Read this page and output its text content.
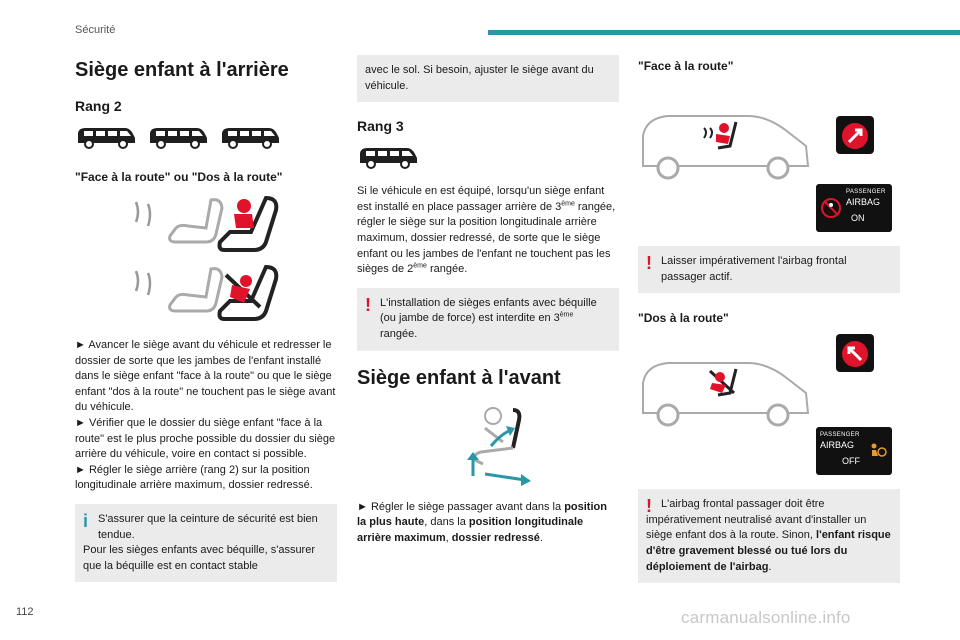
Sécurité
Siège enfant à l'arrière
Rang 2
"Face à la route" ou "Dos à la route"

► Avancer le siège avant du véhicule et redresser le dossier de sorte que les jambes de l'enfant installé dans le siège enfant "face à la route" ou que le siège enfant "dos à la route" ne touchent pas le siège avant du véhicule.

► Vérifier que le dossier du siège enfant "face à la route" est le plus proche possible du dossier du siège arrière du véhicule, voire en contact si possible.

► Régler le siège arrière (rang 2) sur la position longitudinale arrière maximum, dossier redressé.

i S'assurer que la ceinture de sécurité est bien tendue.
Pour les sièges enfants avec béquille, s'assurer que la béquille est en contact stable
avec le sol. Si besoin, ajuster le siège avant du véhicule.
Rang 3

Si le véhicule en est équipé, lorsqu'un siège enfant est installé en place passager arrière de 3ème rangée, régler le siège sur la position longitudinale arrière maximum, dossier redressé, de sorte que le siège enfant ou les jambes de l'enfant ne touchent pas les sièges de 2ème rangée.

! L'installation de sièges enfants avec béquille (ou jambe de force) est interdite en 3ème rangée.
Siège enfant à l'avant

► Régler le siège passager avant dans la position la plus haute, dans la position longitudinale arrière maximum, dossier redressé.

"Face à la route"
PASSENGER
AIRBAG
ON
! Laisser impérativement l'airbag frontal passager actif.
"Dos à la route"
PASSENGER
AIRBAG
OFF
! L'airbag frontal passager doit être impérativement neutralisé avant d'installer un siège enfant dos à la route. Sinon, l'enfant risque d'être gravement blessé ou tué lors du déploiement de l'airbag.
112	carmanualsonline.info
